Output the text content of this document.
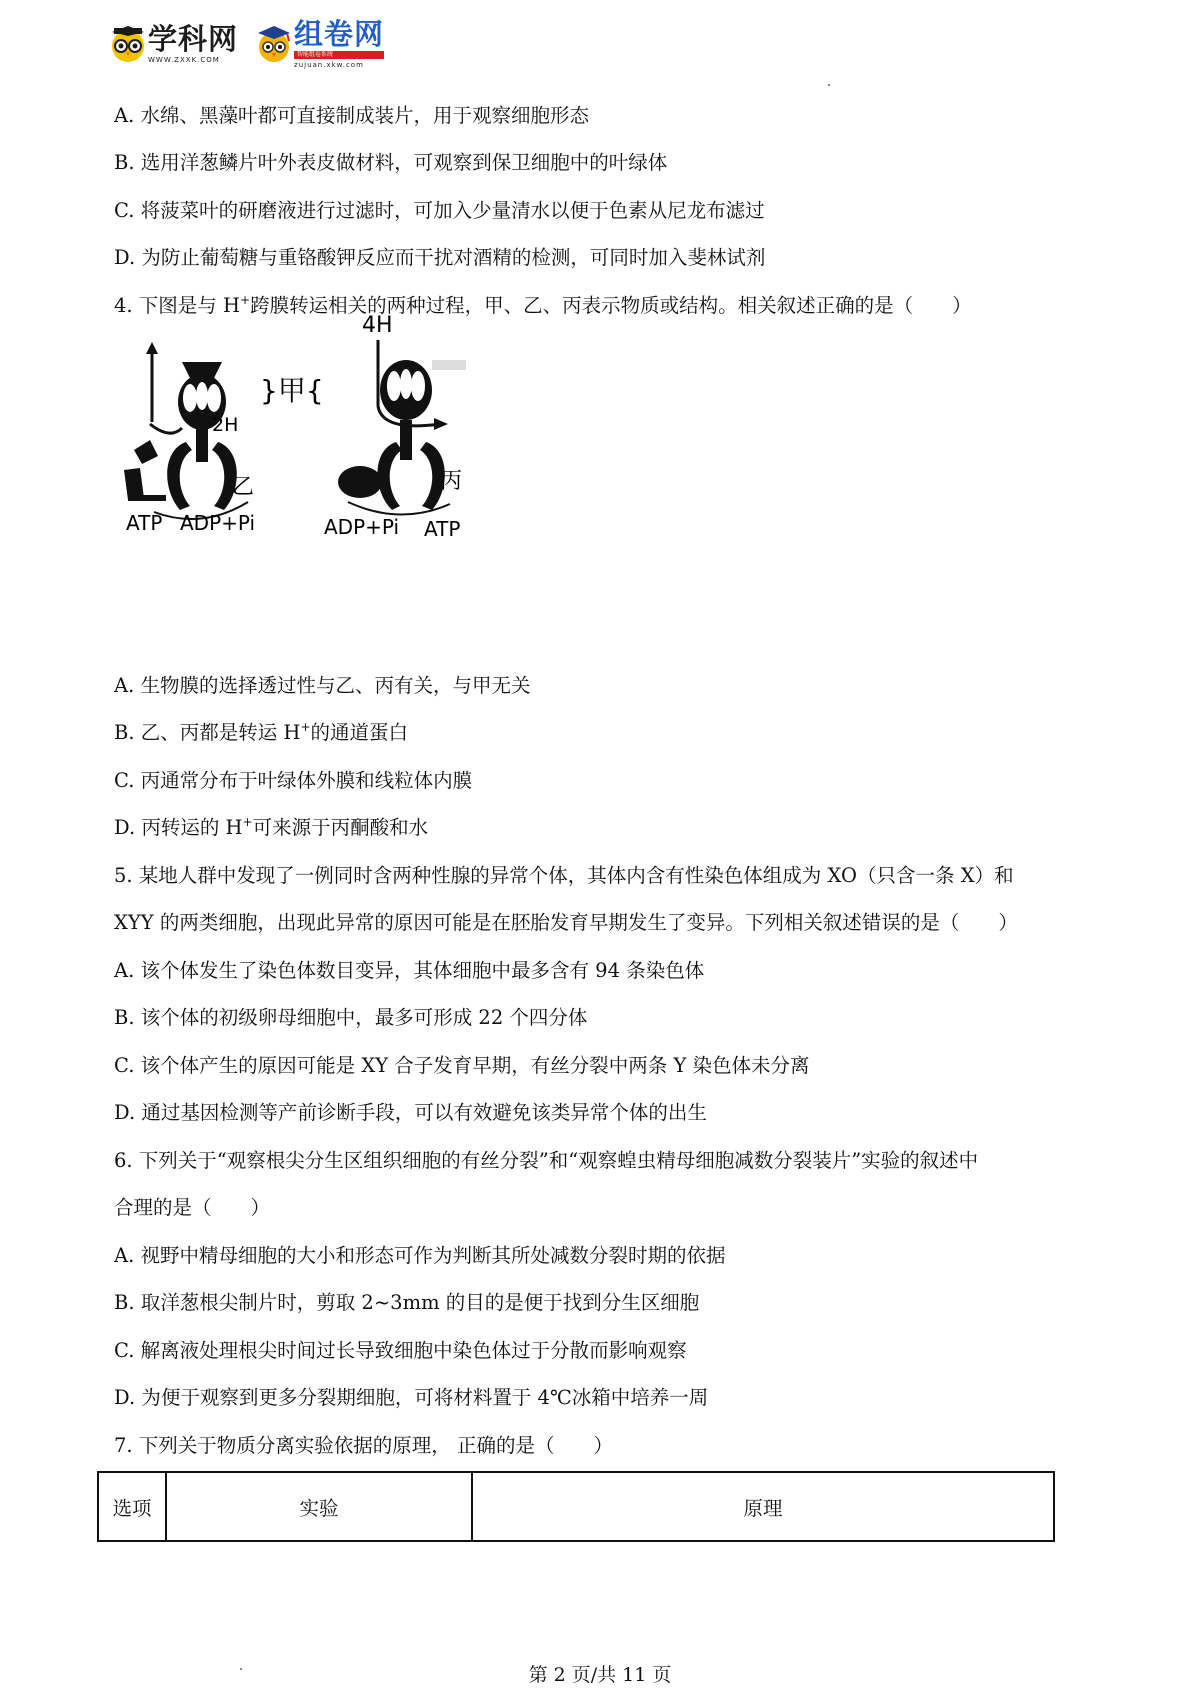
学科网
WWW.ZXXK.COM
组卷网
智能组卷系统
zujuan.xkw.com
A. 水绵、黑藻叶都可直接制成装片，用于观察细胞形态
B. 选用洋葱鳞片叶外表皮做材料，可观察到保卫细胞中的叶绿体
C. 将菠菜叶的研磨液进行过滤时，可加入少量清水以便于色素从尼龙布滤过
D. 为防止葡萄糖与重铬酸钾反应而干扰对酒精的检测，可同时加入斐林试剂
4. 下图是与 H+跨膜转运相关的两种过程，甲、乙、丙表示物质或结构。相关叙述正确的是（　　）
2H
乙
ATP ADP+Pi
}甲{
4H
丙
ADP+Pi ATP
A. 生物膜的选择透过性与乙、丙有关，与甲无关
B. 乙、丙都是转运 H+的通道蛋白
C. 丙通常分布于叶绿体外膜和线粒体内膜
D. 丙转运的 H+可来源于丙酮酸和水
5. 某地人群中发现了一例同时含两种性腺的异常个体，其体内含有性染色体组成为 XO（只含一条 X）和
XYY 的两类细胞，出现此异常的原因可能是在胚胎发育早期发生了变异。下列相关叙述错误的是（　　）
A. 该个体发生了染色体数目变异，其体细胞中最多含有 94 条染色体
B. 该个体的初级卵母细胞中，最多可形成 22 个四分体
C. 该个体产生的原因可能是 XY 合子发育早期，有丝分裂中两条 Y 染色体未分离
D. 通过基因检测等产前诊断手段，可以有效避免该类异常个体的出生
6. 下列关于“观察根尖分生区组织细胞的有丝分裂”和“观察蝗虫精母细胞减数分裂装片”实验的叙述中
合理的是（　　）
A. 视野中精母细胞的大小和形态可作为判断其所处减数分裂时期的依据
B. 取洋葱根尖制片时，剪取 2~3mm 的目的是便于找到分生区细胞
C. 解离液处理根尖时间过长导致细胞中染色体过于分散而影响观察
D. 为便于观察到更多分裂期细胞，可将材料置于 4℃冰箱中培养一周
7. 下列关于物质分离实验依据的原理， 正确的是（　　）
选项	实验	原理
第 2 页/共 11 页
